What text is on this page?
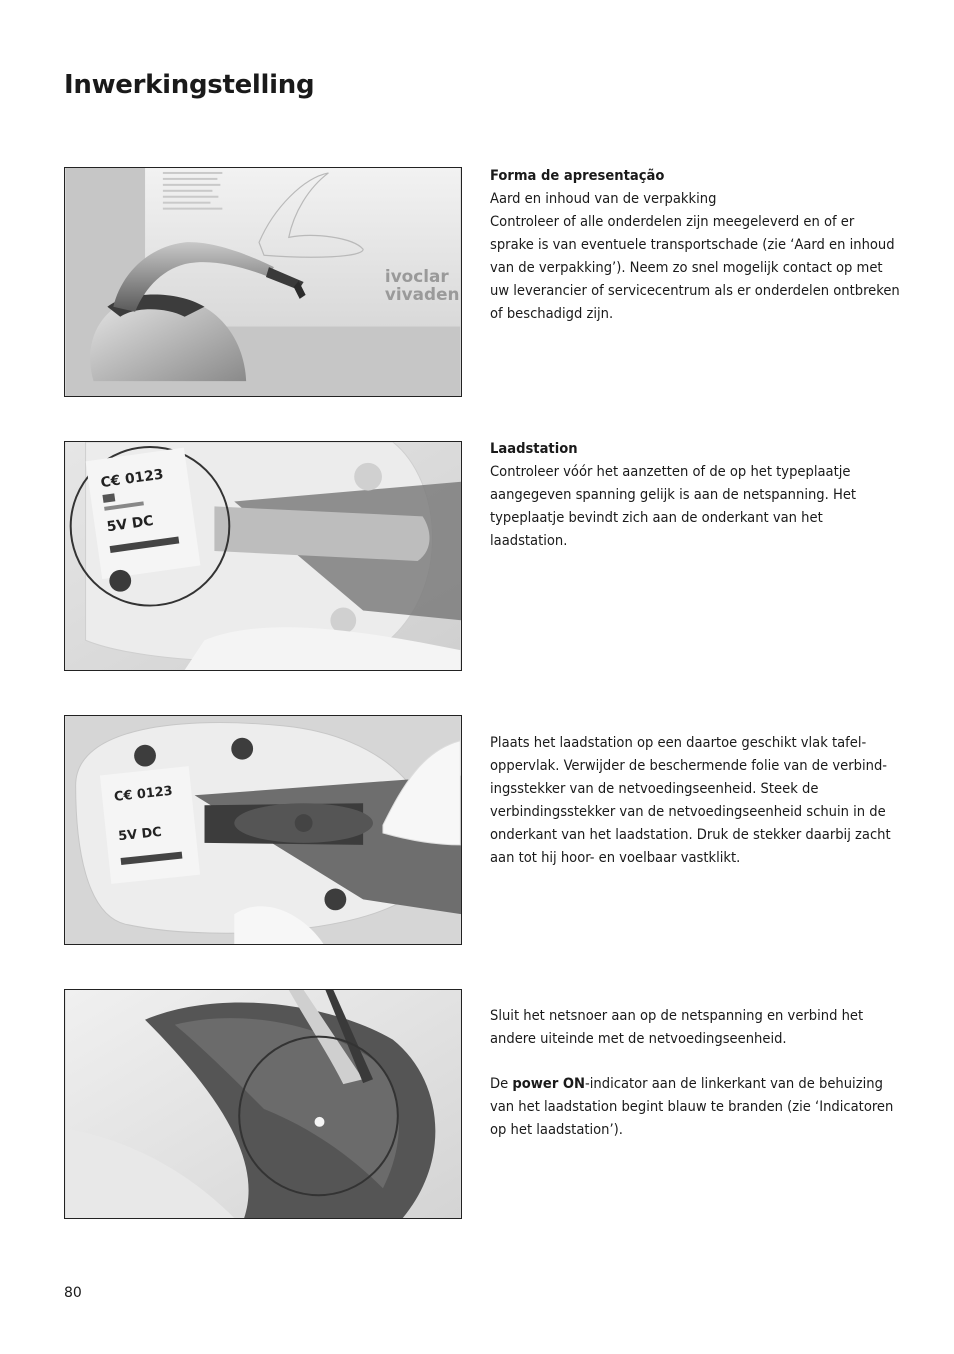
Inwerkingstelling
ivoclar
vivaden

Forma de apresentação

Aard en inhoud van de verpakking

Controleer of alle onderdelen zijn meegeleverd en of er sprake is van eventuele transportschade (zie ‘Aard en inhoud van de verpakking’). Neem zo snel mogelijk contact op met uw leverancier of servicecentrum als er onderdelen ontbreken of beschadigd zijn.

C€ 0123
5V DC

Laadstation

Controleer vóór het aanzetten of de op het typeplaatje aangegeven spanning gelijk is aan de netspanning. Het typeplaatje bevindt zich aan de onderkant van het laadstation.

C€ 0123
5V DC

Plaats het laadstation op een daartoe geschikt vlak tafel-oppervlak. Verwijder de beschermende folie van de verbind-ingsstekker van de netvoedingseenheid. Steek de verbindingsstekker van de netvoedingseenheid schuin in de onderkant van het laadstation. Druk de stekker daarbij zacht aan tot hij hoor- en voelbaar vastklikt.

Sluit het netsnoer aan op de netspanning en verbind het andere uiteinde met de netvoedingseenheid.

De power ON-indicator aan de linkerkant van de behuizing van het laadstation begint blauw te branden (zie ‘Indicatoren op het laadstation’).

80
